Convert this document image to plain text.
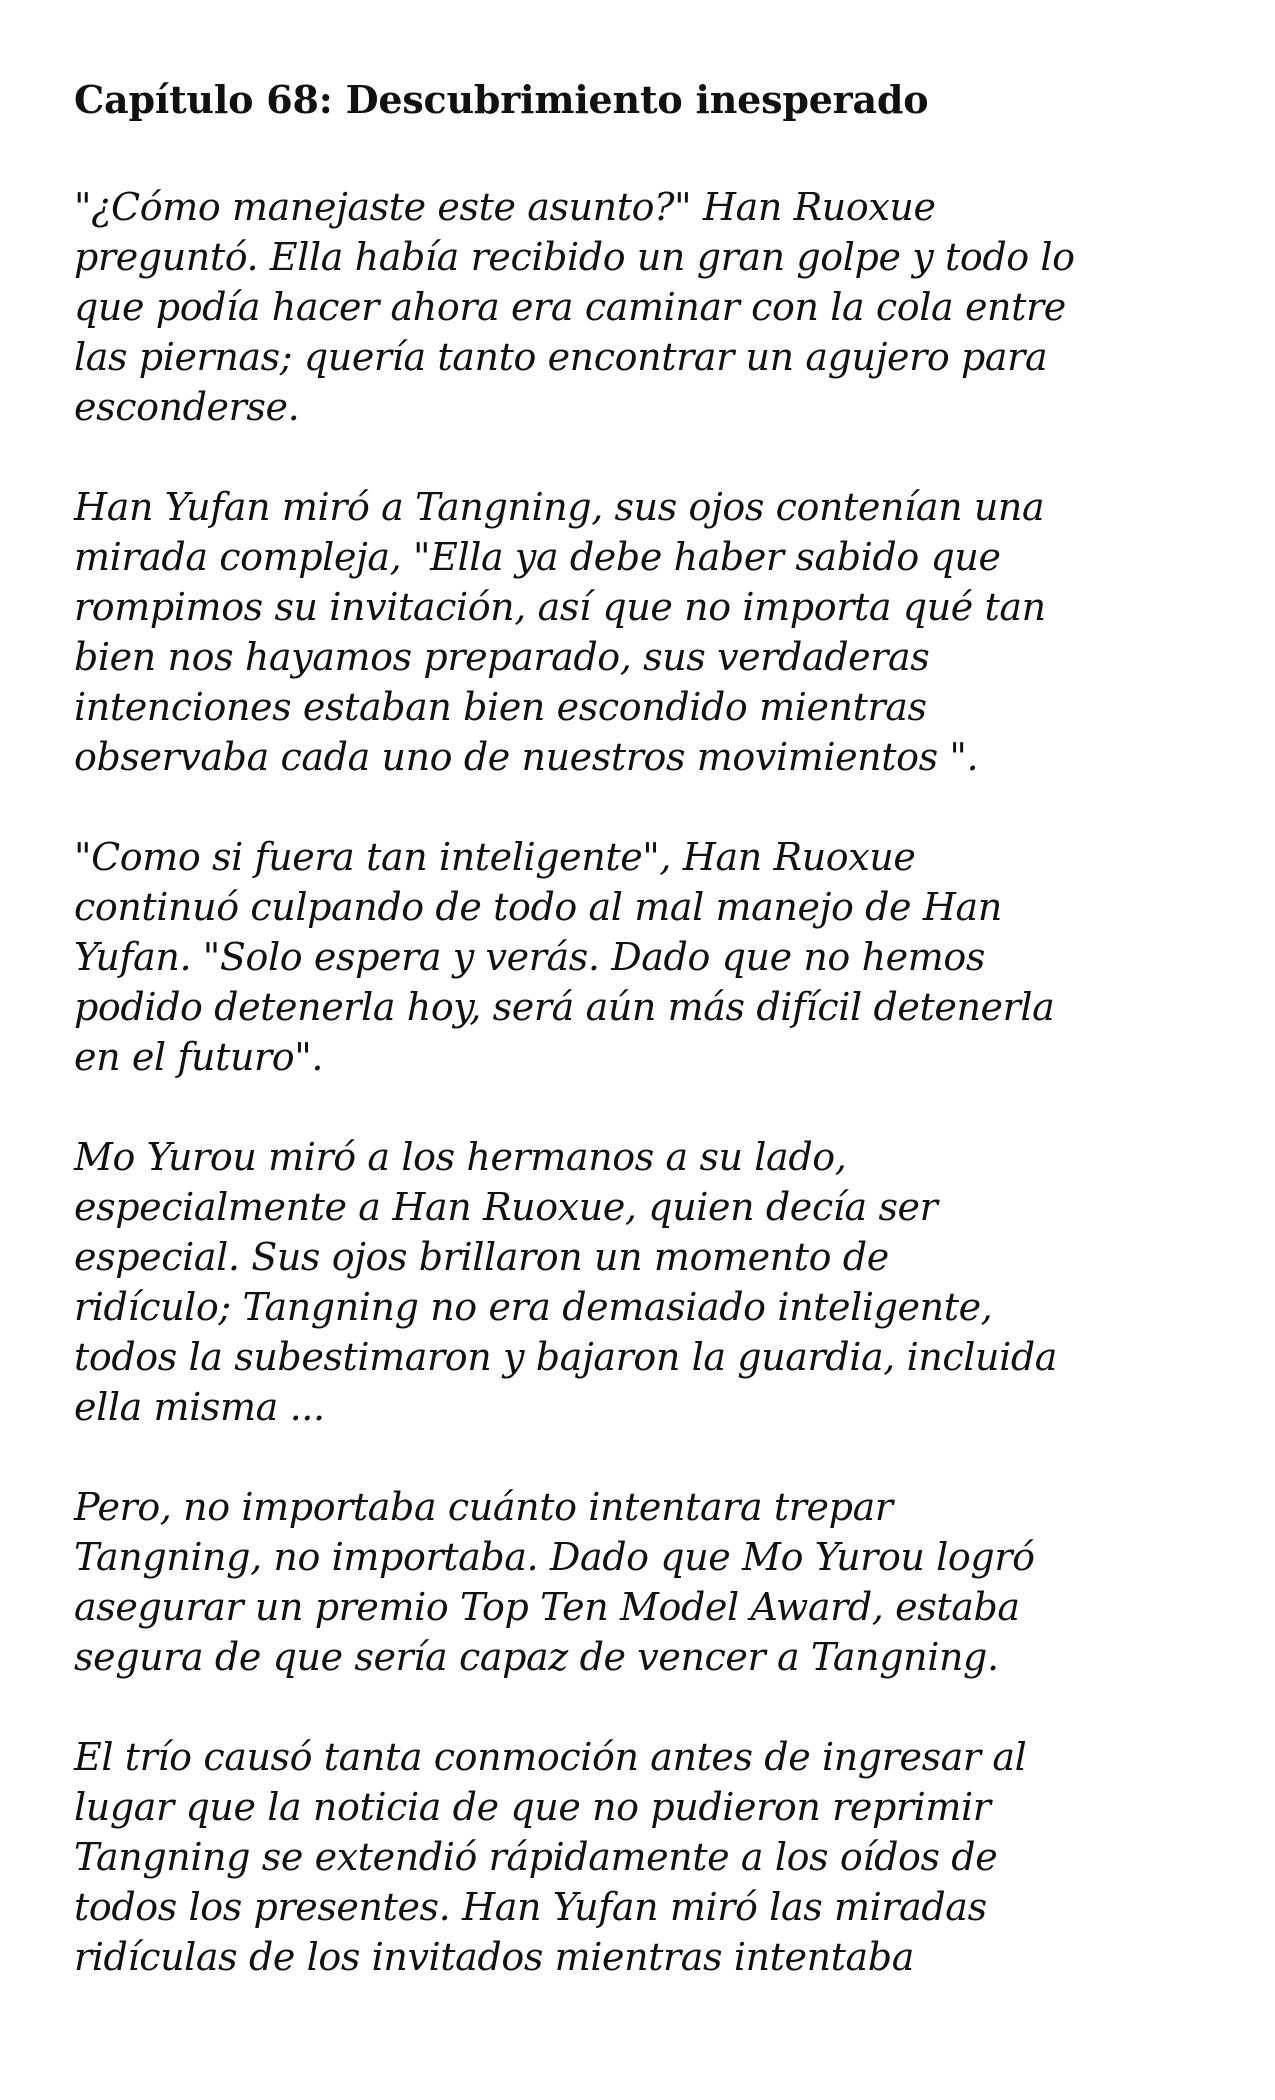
Capítulo 68: Descubrimiento inesperado

"¿Cómo manejaste este asunto?" Han Ruoxue
preguntó. Ella había recibido un gran golpe y todo lo
que podía hacer ahora era caminar con la cola entre
las piernas; quería tanto encontrar un agujero para
esconderse.

Han Yufan miró a Tangning, sus ojos contenían una
mirada compleja, "Ella ya debe haber sabido que
rompimos su invitación, así que no importa qué tan
bien nos hayamos preparado, sus verdaderas
intenciones estaban bien escondido mientras
observaba cada uno de nuestros movimientos ".

"Como si fuera tan inteligente", Han Ruoxue
continuó culpando de todo al mal manejo de Han
Yufan. "Solo espera y verás. Dado que no hemos
podido detenerla hoy, será aún más difícil detenerla
en el futuro".

Mo Yurou miró a los hermanos a su lado,
especialmente a Han Ruoxue, quien decía ser
especial. Sus ojos brillaron un momento de
ridículo; Tangning no era demasiado inteligente,
todos la subestimaron y bajaron la guardia, incluida
ella misma ...

Pero, no importaba cuánto intentara trepar
Tangning, no importaba. Dado que Mo Yurou logró
asegurar un premio Top Ten Model Award, estaba
segura de que sería capaz de vencer a Tangning.

El trío causó tanta conmoción antes de ingresar al
lugar que la noticia de que no pudieron reprimir
Tangning se extendió rápidamente a los oídos de
todos los presentes. Han Yufan miró las miradas
ridículas de los invitados mientras intentaba
